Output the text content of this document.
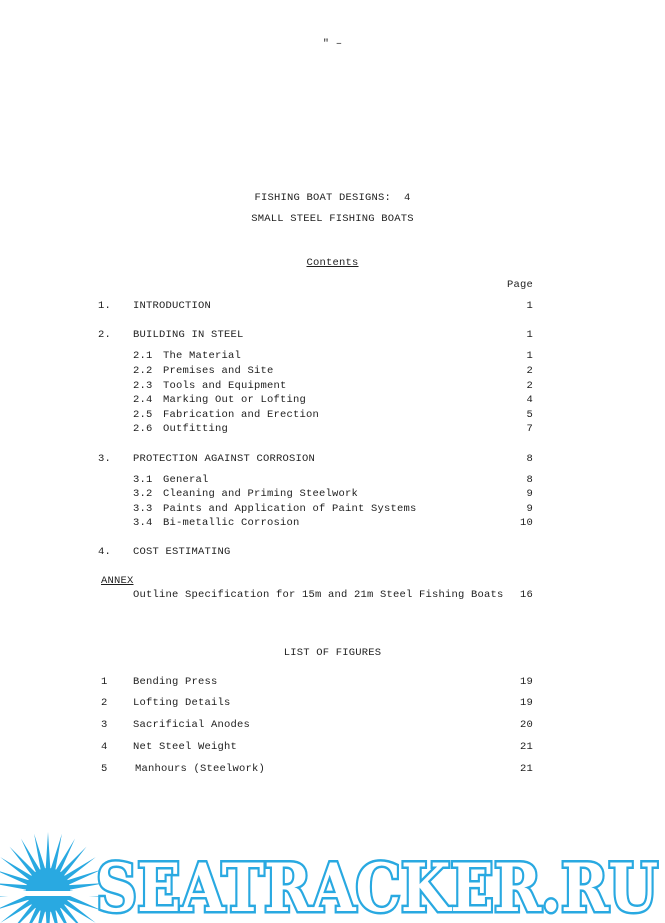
" –
FISHING BOAT DESIGNS:  4
SMALL STEEL FISHING BOATS
Contents
Page
1. INTRODUCTION	1
2. BUILDING IN STEEL	1
2.1 The Material	1
2.2 Premises and Site	2
2.3 Tools and Equipment	2
2.4 Marking Out or Lofting	4
2.5 Fabrication and Erection	5
2.6 Outfitting	7
3. PROTECTION AGAINST CORROSION	8
3.1 General	8
3.2 Cleaning and Priming Steelwork	9
3.3 Paints and Application of Paint Systems	9
3.4 Bi-metallic Corrosion	10
4. COST ESTIMATING
ANNEX
Outline Specification for 15m and 21m Steel Fishing Boats	16
LIST OF FIGURES
1 Bending Press	19
2 Lofting Details	19
3 Sacrificial Anodes	20
4 Net Steel Weight	21
5	Manhours (Steelwork)	21
SEATRACKER.RU
